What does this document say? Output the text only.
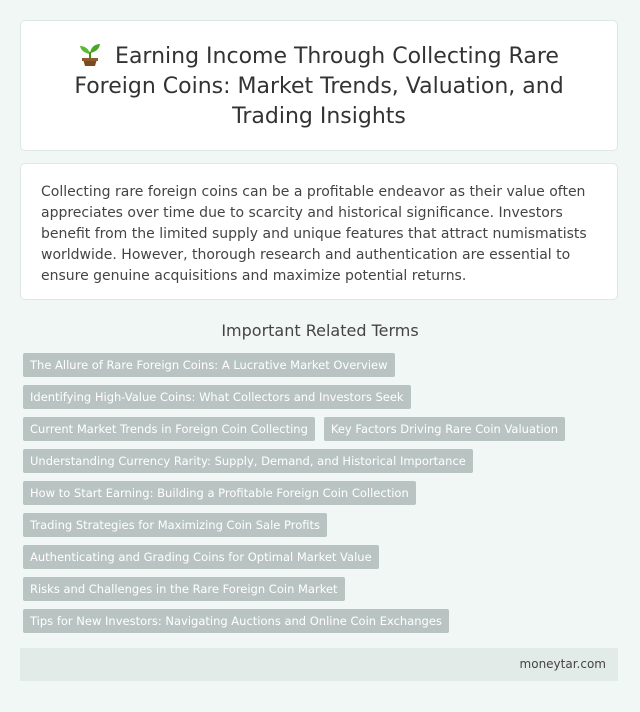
Earning Income Through Collecting Rare Foreign Coins: Market Trends, Valuation, and Trading Insights

Collecting rare foreign coins can be a profitable endeavor as their value often appreciates over time due to scarcity and historical significance. Investors benefit from the limited supply and unique features that attract numismatists worldwide. However, thorough research and authentication are essential to ensure genuine acquisitions and maximize potential returns.

Important Related Terms
The Allure of Rare Foreign Coins: A Lucrative Market Overview
Identifying High-Value Coins: What Collectors and Investors Seek
Current Market Trends in Foreign Coin Collecting	Key Factors Driving Rare Coin Valuation
Understanding Currency Rarity: Supply, Demand, and Historical Importance
How to Start Earning: Building a Profitable Foreign Coin Collection
Trading Strategies for Maximizing Coin Sale Profits
Authenticating and Grading Coins for Optimal Market Value
Risks and Challenges in the Rare Foreign Coin Market
Tips for New Investors: Navigating Auctions and Online Coin Exchanges
moneytar.com
